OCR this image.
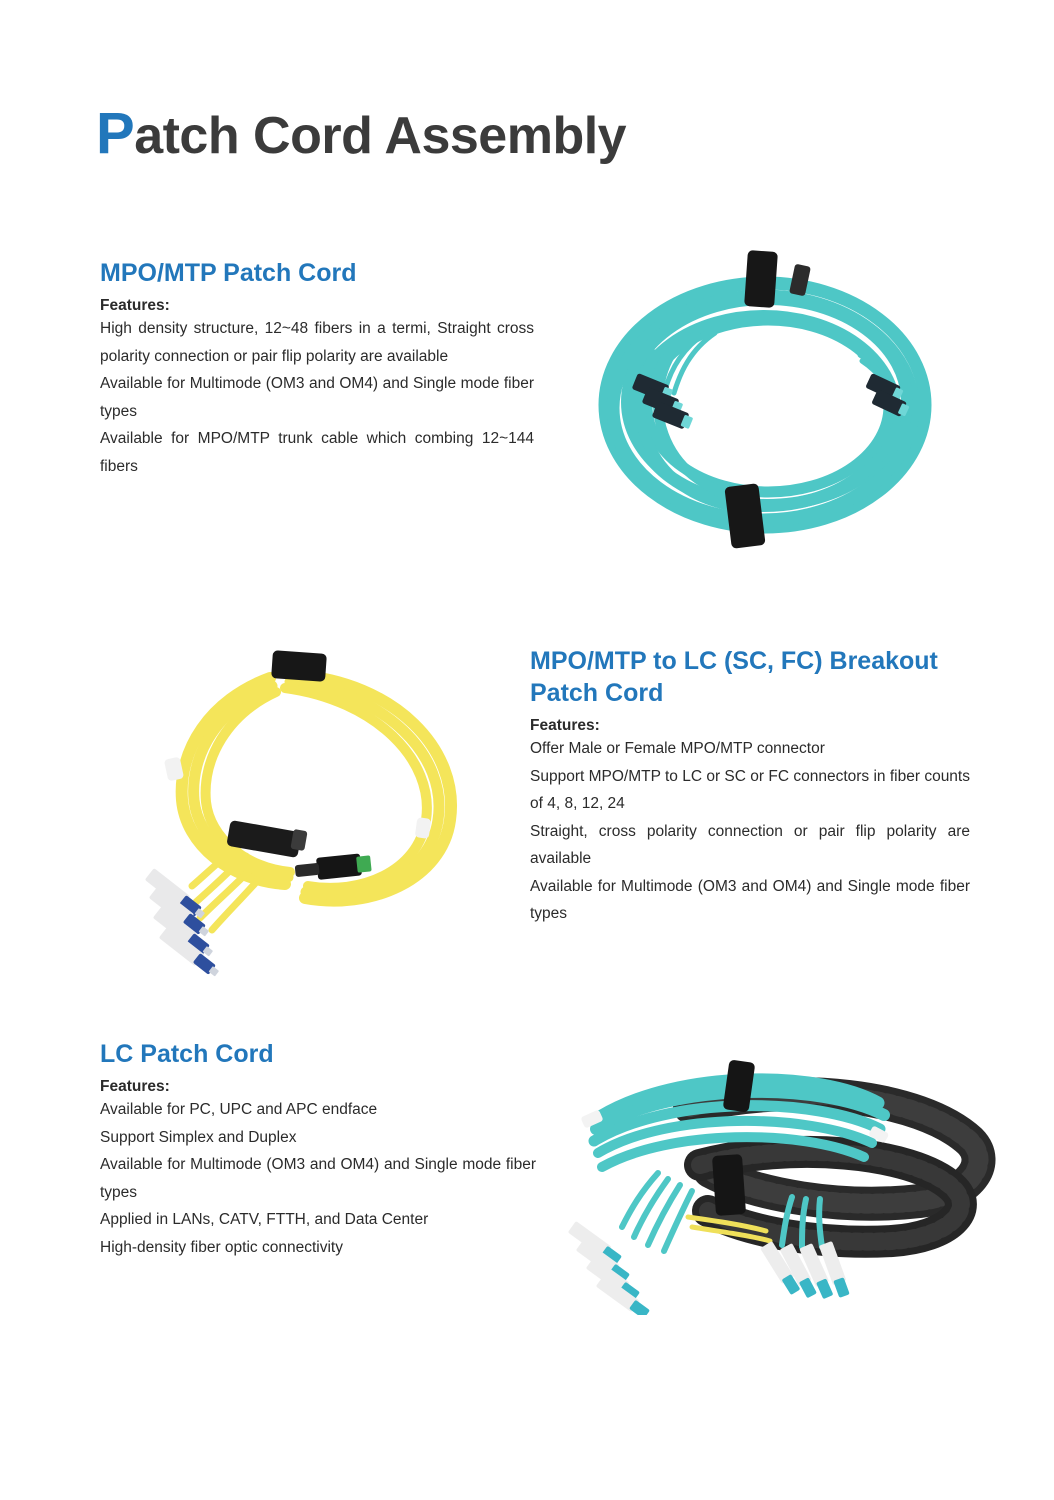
Patch Cord Assembly
MPO/MTP Patch Cord
Features:
High density structure, 12~48 fibers in a termi, Straight cross polarity connection or pair flip polarity are available
Available for Multimode (OM3 and OM4) and Single mode fiber types
Available for MPO/MTP trunk cable which combing 12~144 fibers
MPO/MTP to LC (SC, FC) Breakout Patch Cord
Features:
Offer Male or Female MPO/MTP connector
Support MPO/MTP to LC or SC or FC connectors in fiber counts of 4, 8, 12, 24
Straight, cross polarity connection or pair flip polarity are available
Available for Multimode (OM3 and OM4) and Single mode fiber types
LC Patch Cord
Features:
Available for PC, UPC and APC endface
Support Simplex and Duplex
Available for Multimode (OM3 and OM4) and Single mode fiber types
Applied in LANs, CATV, FTTH, and Data Center
High-density fiber optic connectivity
